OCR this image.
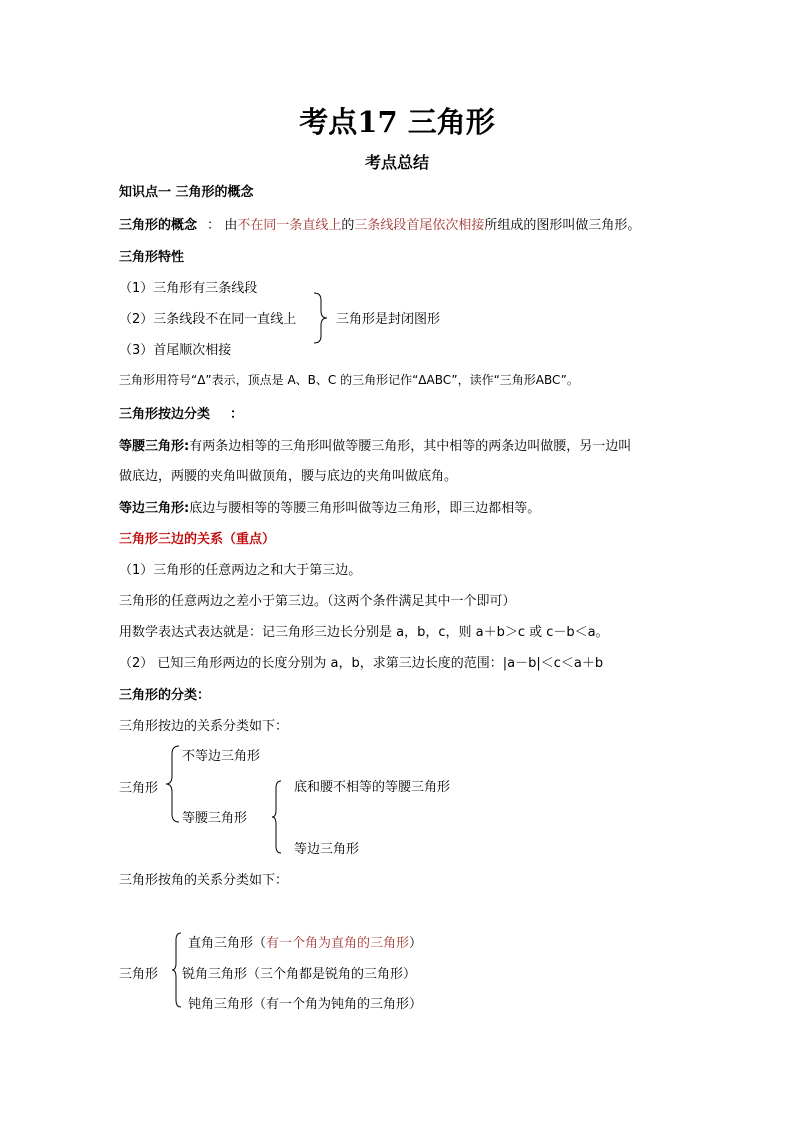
考点17 三角形
考点总结
知识点一 三角形的概念
三角形的概念 ： 由不在同一条直线上的三条线段首尾依次相接所组成的图形叫做三角形。
三角形特性
（1）三角形有三条线段
（2）三条线段不在同一直线上
（3）首尾顺次相接
三角形是封闭图形
三角形用符号“Δ”表示，顶点是 A、B、C 的三角形记作“ΔABC”，读作“三角形ABC”。
三角形按边分类 ：
等腰三角形:有两条边相等的三角形叫做等腰三角形，其中相等的两条边叫做腰，另一边叫
做底边，两腰的夹角叫做顶角，腰与底边的夹角叫做底角。
等边三角形:底边与腰相等的等腰三角形叫做等边三角形，即三边都相等。
三角形三边的关系（重点）
（1）三角形的任意两边之和大于第三边。
三角形的任意两边之差小于第三边。（这两个条件满足其中一个即可）
用数学表达式表达就是：记三角形三边长分别是 a，b，c，则 a＋b＞c 或 c－b＜a。
（2） 已知三角形两边的长度分别为 a，b，求第三边长度的范围：|a－b|＜c＜a＋b
三角形的分类：
三角形按边的关系分类如下：
三角形
不等边三角形
等腰三角形
底和腰不相等的等腰三角形
等边三角形
三角形按角的关系分类如下：
三角形
直角三角形（有一个角为直角的三角形）
锐角三角形（三个角都是锐角的三角形）
钝角三角形（有一个角为钝角的三角形）
